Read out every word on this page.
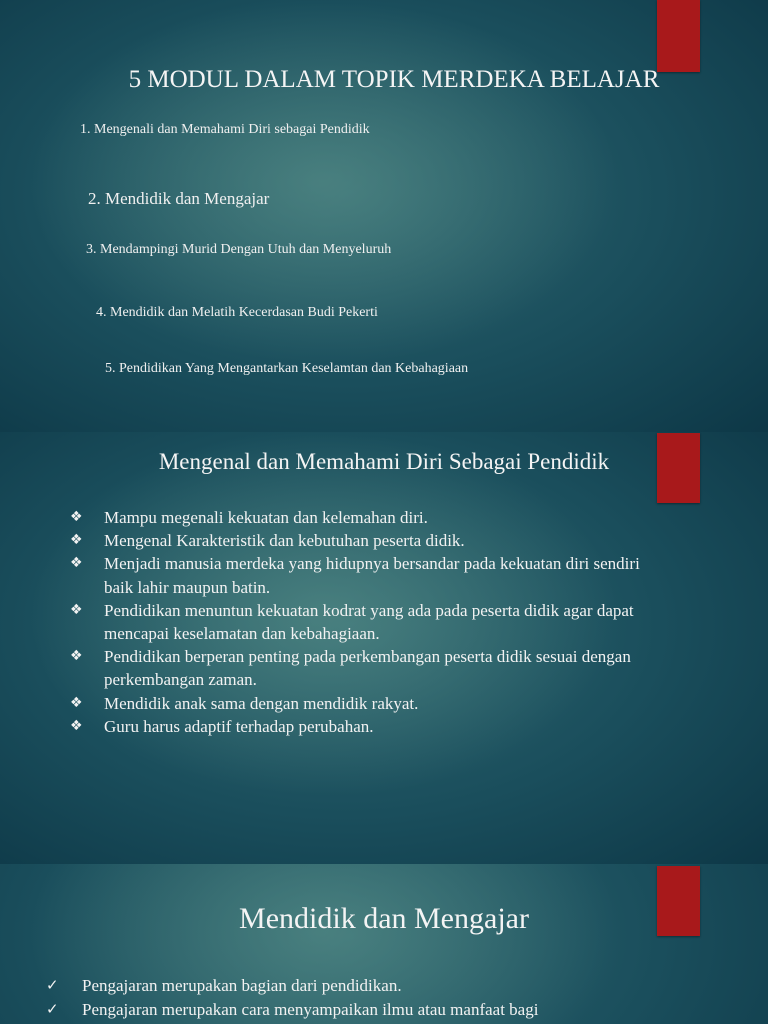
5 MODUL DALAM TOPIK MERDEKA BELAJAR
1. Mengenali dan Memahami Diri sebagai Pendidik
2. Mendidik dan Mengajar
3. Mendampingi Murid Dengan Utuh dan Menyeluruh
4. Mendidik dan Melatih Kecerdasan Budi Pekerti
5. Pendidikan Yang Mengantarkan Keselamtan dan Kebahagiaan
Mengenal dan Memahami Diri Sebagai Pendidik
❖ Mampu megenali kekuatan dan kelemahan diri.
❖ Mengenal Karakteristik dan kebutuhan peserta didik.
❖ Menjadi manusia merdeka yang hidupnya bersandar pada kekuatan diri sendiri baik lahir maupun batin.
❖ Pendidikan menuntun kekuatan kodrat yang ada pada peserta didik agar dapat mencapai keselamatan dan kebahagiaan.
❖ Pendidikan berperan penting pada perkembangan peserta didik sesuai dengan perkembangan zaman.
❖ Mendidik anak sama dengan mendidik rakyat.
❖ Guru harus adaptif terhadap perubahan.
Mendidik dan Mengajar
✓ Pengajaran merupakan bagian dari pendidikan.
✓ Pengajaran merupakan cara menyampaikan ilmu atau manfaat bagi
